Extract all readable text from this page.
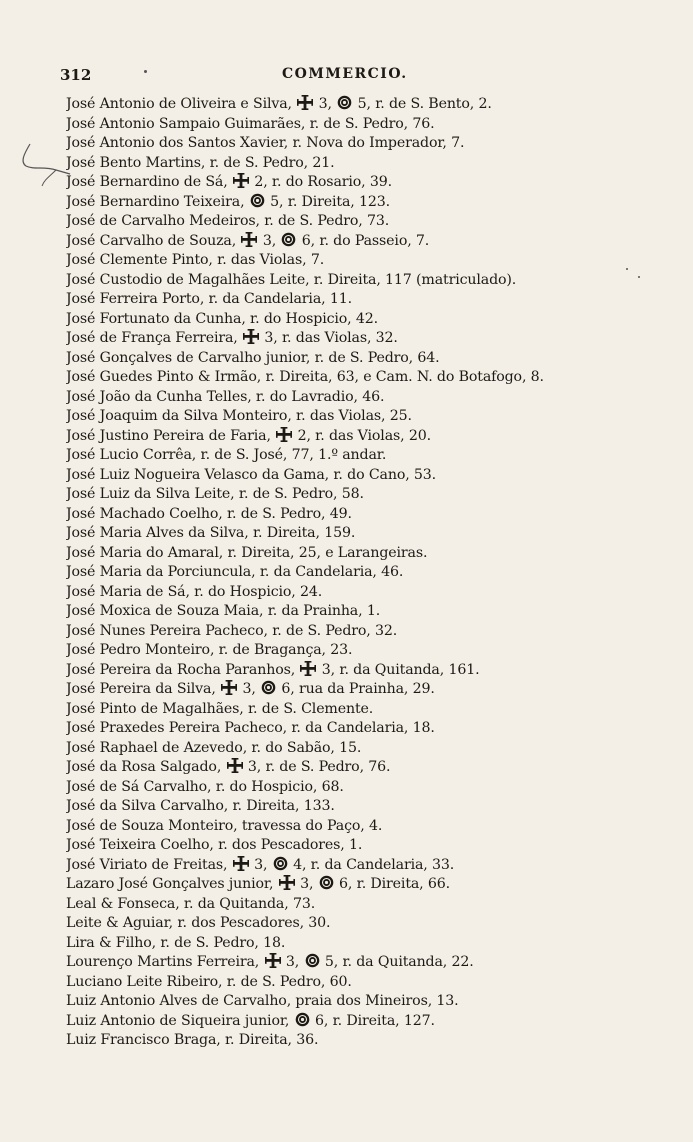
312	COMMERCIO.
José Antonio de Oliveira e Silva,  3,  5, r. de S. Bento, 2.
José Antonio Sampaio Guimarães, r. de S. Pedro, 76.
José Antonio dos Santos Xavier, r. Nova do Imperador, 7.
José Bento Martins, r. de S. Pedro, 21.
José Bernardino de Sá,  2, r. do Rosario, 39.
José Bernardino Teixeira,  5, r. Direita, 123.
José de Carvalho Medeiros, r. de S. Pedro, 73.
José Carvalho de Souza,  3,  6, r. do Passeio, 7.
José Clemente Pinto, r. das Violas, 7.
José Custodio de Magalhães Leite, r. Direita, 117 (matriculado).
José Ferreira Porto, r. da Candelaria, 11.
José Fortunato da Cunha, r. do Hospicio, 42.
José de França Ferreira,  3, r. das Violas, 32.
José Gonçalves de Carvalho junior, r. de S. Pedro, 64.
José Guedes Pinto & Irmão, r. Direita, 63, e Cam. N. do Botafogo, 8.
José João da Cunha Telles, r. do Lavradio, 46.
José Joaquim da Silva Monteiro, r. das Violas, 25.
José Justino Pereira de Faria,  2, r. das Violas, 20.
José Lucio Corrêa, r. de S. José, 77, 1.º andar.
José Luiz Nogueira Velasco da Gama, r. do Cano, 53.
José Luiz da Silva Leite, r. de S. Pedro, 58.
José Machado Coelho, r. de S. Pedro, 49.
José Maria Alves da Silva, r. Direita, 159.
José Maria do Amaral, r. Direita, 25, e Larangeiras.
José Maria da Porciuncula, r. da Candelaria, 46.
José Maria de Sá, r. do Hospicio, 24.
José Moxica de Souza Maia, r. da Prainha, 1.
José Nunes Pereira Pacheco, r. de S. Pedro, 32.
José Pedro Monteiro, r. de Bragança, 23.
José Pereira da Rocha Paranhos,  3, r. da Quitanda, 161.
José Pereira da Silva,  3,  6, rua da Prainha, 29.
José Pinto de Magalhães, r. de S. Clemente.
José Praxedes Pereira Pacheco, r. da Candelaria, 18.
José Raphael de Azevedo, r. do Sabão, 15.
José da Rosa Salgado,  3, r. de S. Pedro, 76.
José de Sá Carvalho, r. do Hospicio, 68.
José da Silva Carvalho, r. Direita, 133.
José de Souza Monteiro, travessa do Paço, 4.
José Teixeira Coelho, r. dos Pescadores, 1.
José Viriato de Freitas,  3,  4, r. da Candelaria, 33.
Lazaro José Gonçalves junior,  3,  6, r. Direita, 66.
Leal & Fonseca, r. da Quitanda, 73.
Leite & Aguiar, r. dos Pescadores, 30.
Lira & Filho, r. de S. Pedro, 18.
Lourenço Martins Ferreira,  3,  5, r. da Quitanda, 22.
Luciano Leite Ribeiro, r. de S. Pedro, 60.
Luiz Antonio Alves de Carvalho, praia dos Mineiros, 13.
Luiz Antonio de Siqueira junior,  6, r. Direita, 127.
Luiz Francisco Braga, r. Direita, 36.
